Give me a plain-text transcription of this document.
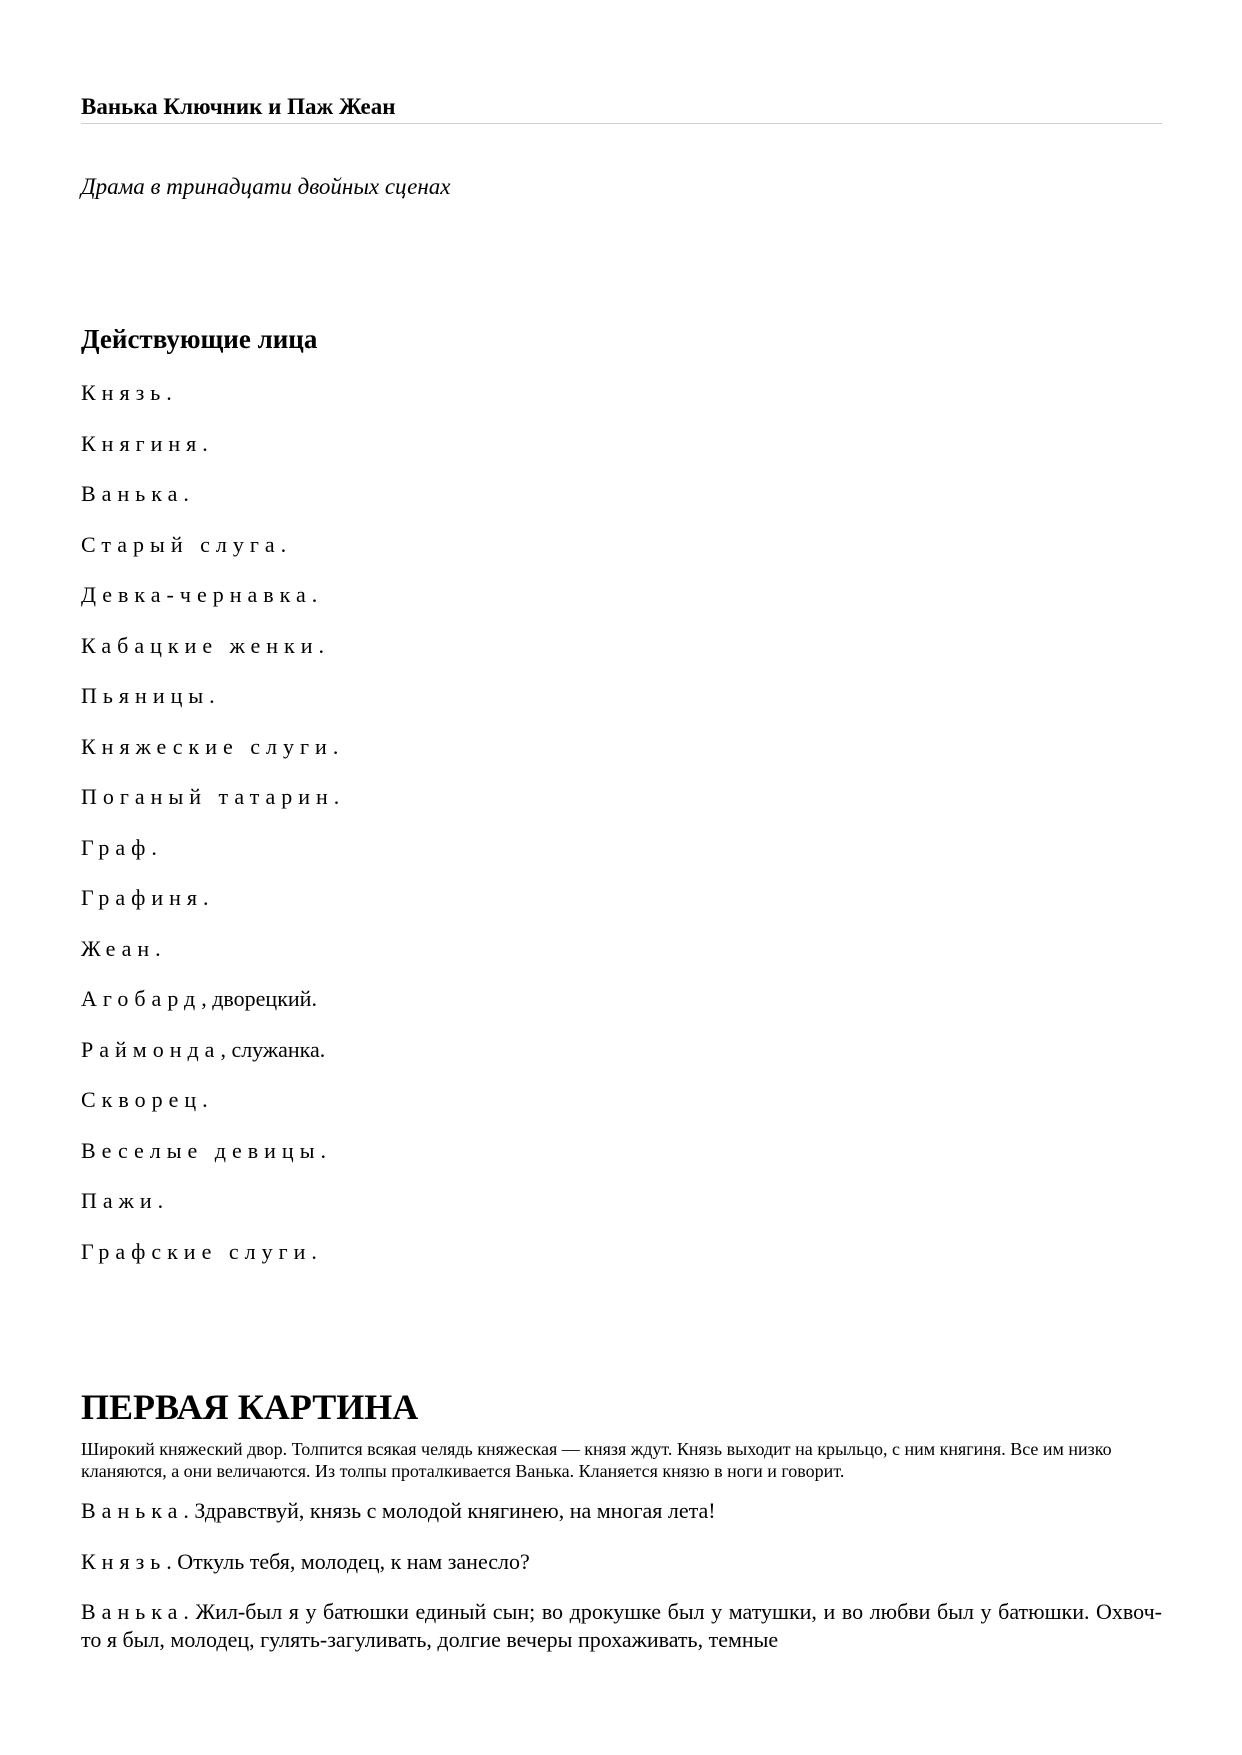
Ванька Ключник и Паж Жеан
Драма в тринадцати двойных сценах
Действующие лица
Князь.
Княгиня.
Ванька.
Старый слуга.
Девка-чернавка.
Кабацкие женки.
Пьяницы.
Княжеские слуги.
Поганый татарин.
Граф.
Графиня.
Жеан.
Агобард, дворецкий.
Раймонда, служанка.
Скворец.
Веселые девицы.
Пажи.
Графские слуги.
ПЕРВАЯ КАРТИНА
Широкий княжеский двор. Толпится всякая челядь княжеская — князя ждут. Князь выходит на крыльцо, с ним княгиня. Все им низко кланяются, а они величаются. Из толпы проталкивается Ванька. Кланяется князю в ноги и говорит.
Ванька. Здравствуй, князь с молодой княгинею, на многая лета!
Князь. Откуль тебя, молодец, к нам занесло?
Ванька. Жил-был я у батюшки единый сын; во дрокушке был у матушки, и во любви был у батюшки. Охвоч-то я был, молодец, гулять-загуливать, долгие вечеры прохаживать, темные
